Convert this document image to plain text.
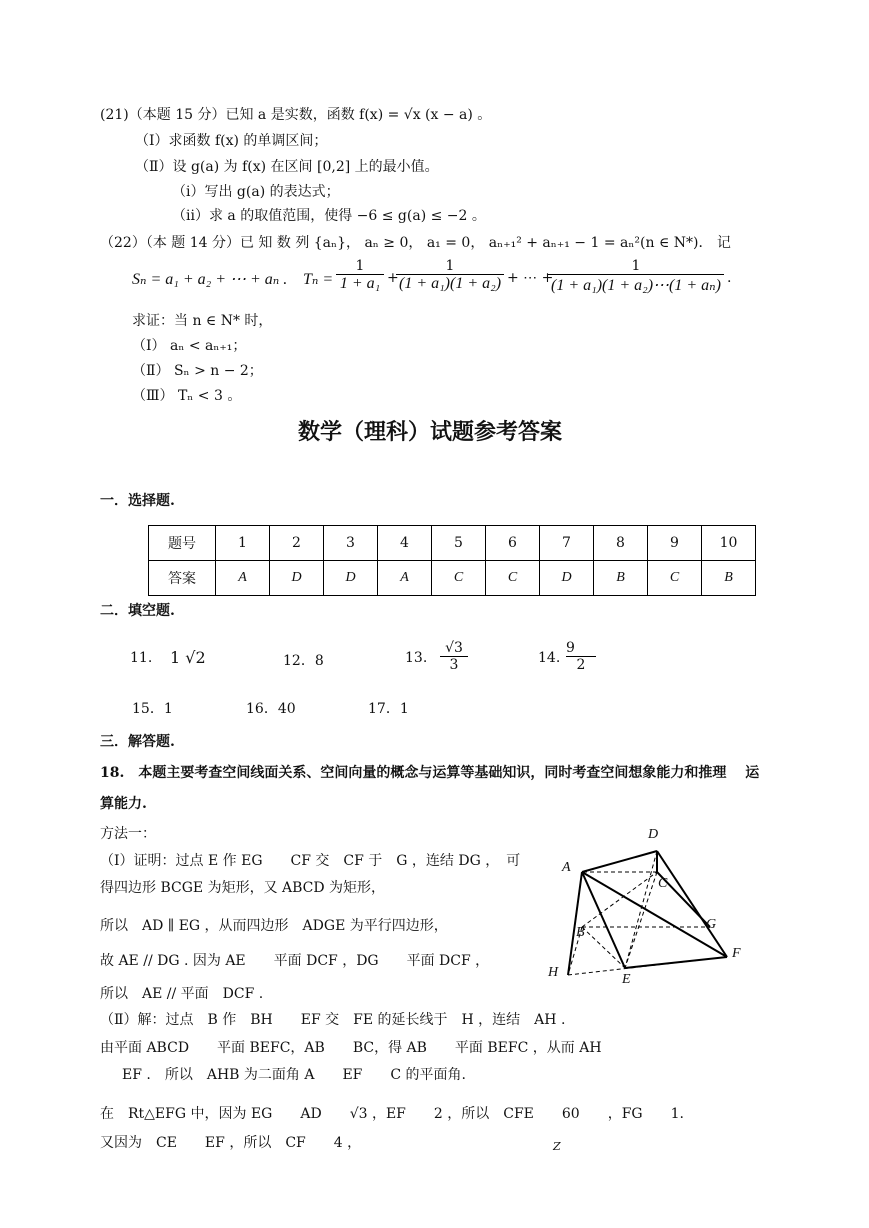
(21)（本题 15 分）已知 a 是实数，函数 f(x) = √x (x − a) 。
（Ⅰ）求函数 f(x) 的单调区间；
（Ⅱ）设 g(a) 为 f(x) 在区间 [0,2] 上的最小值。
（i）写出 g(a) 的表达式；
（ii）求 a 的取值范围，使得 −6 ≤ g(a) ≤ −2 。
（22）（本 题 14 分）已 知 数 列 {aₙ}， aₙ ≥ 0， a₁ = 0， aₙ₊₁² + aₙ₊₁ − 1 = aₙ²(n ∈ N*)． 记
Sₙ = a₁ + a₂ + ⋯ + aₙ . $T_n = \frac{1}{\text{1 + a₁}}$ +
$\frac{1}{\text{(1 + a₁)(1 + a₂)}}$ + ⋯ +
$\frac{1}{\text{(1 + a₁)(1 + a₂)⋯(1 + aₙ)}}$ .
求证：当 n ∈ N* 时，
（Ⅰ） aₙ < aₙ₊₁；
（Ⅱ） Sₙ > n − 2；
（Ⅲ） Tₙ < 3 。
数学（理科）试题参考答案
一．选择题.
题号	1	2	3	4	5	6	7	8	9	10
答案	A	D	D	A	C	C	D	B	C	B
二．填空题.
11. 1 √2	12．8	13. $\frac{√3}{3}$	14. $\frac{9}{2}$
15．1	16．40	17．1
三．解答题.
18.　本题主要考查空间线面关系、空间向量的概念与运算等基础知识，同时考查空间想象能力和推理　 运
算能力.
方法一：
（Ⅰ）证明：过点 E 作 EG　　CF 交　CF 于　G ，连结 DG ，　可
得四边形 BCGE 为矩形，又 ABCD 为矩形，
所以　AD ∥ EG ，从而四边形　ADGE 为平行四边形，
故 AE // DG . 因为 AE　　平面 DCF ，DG　　平面 DCF ，
所以　AE // 平面　DCF .
（Ⅱ）解：过点　B 作　BH　　EF 交　FE 的延长线于　H ，连结　AH .
由平面 ABCD　　平面 BEFC，AB　　BC，得 AB　　平面 BEFC ，从而 AH
EF .　所以　AHB 为二面角 A　　EF　　C 的平面角.
在　Rt△EFG 中，因为 EG　　AD　　√3 ，EF　　2 ，所以　CFE　　60　　，FG　　1.
又因为　CE　　EF ，所以　CF　　4 ，
D
A
C
G
B
F
H	E
Z
